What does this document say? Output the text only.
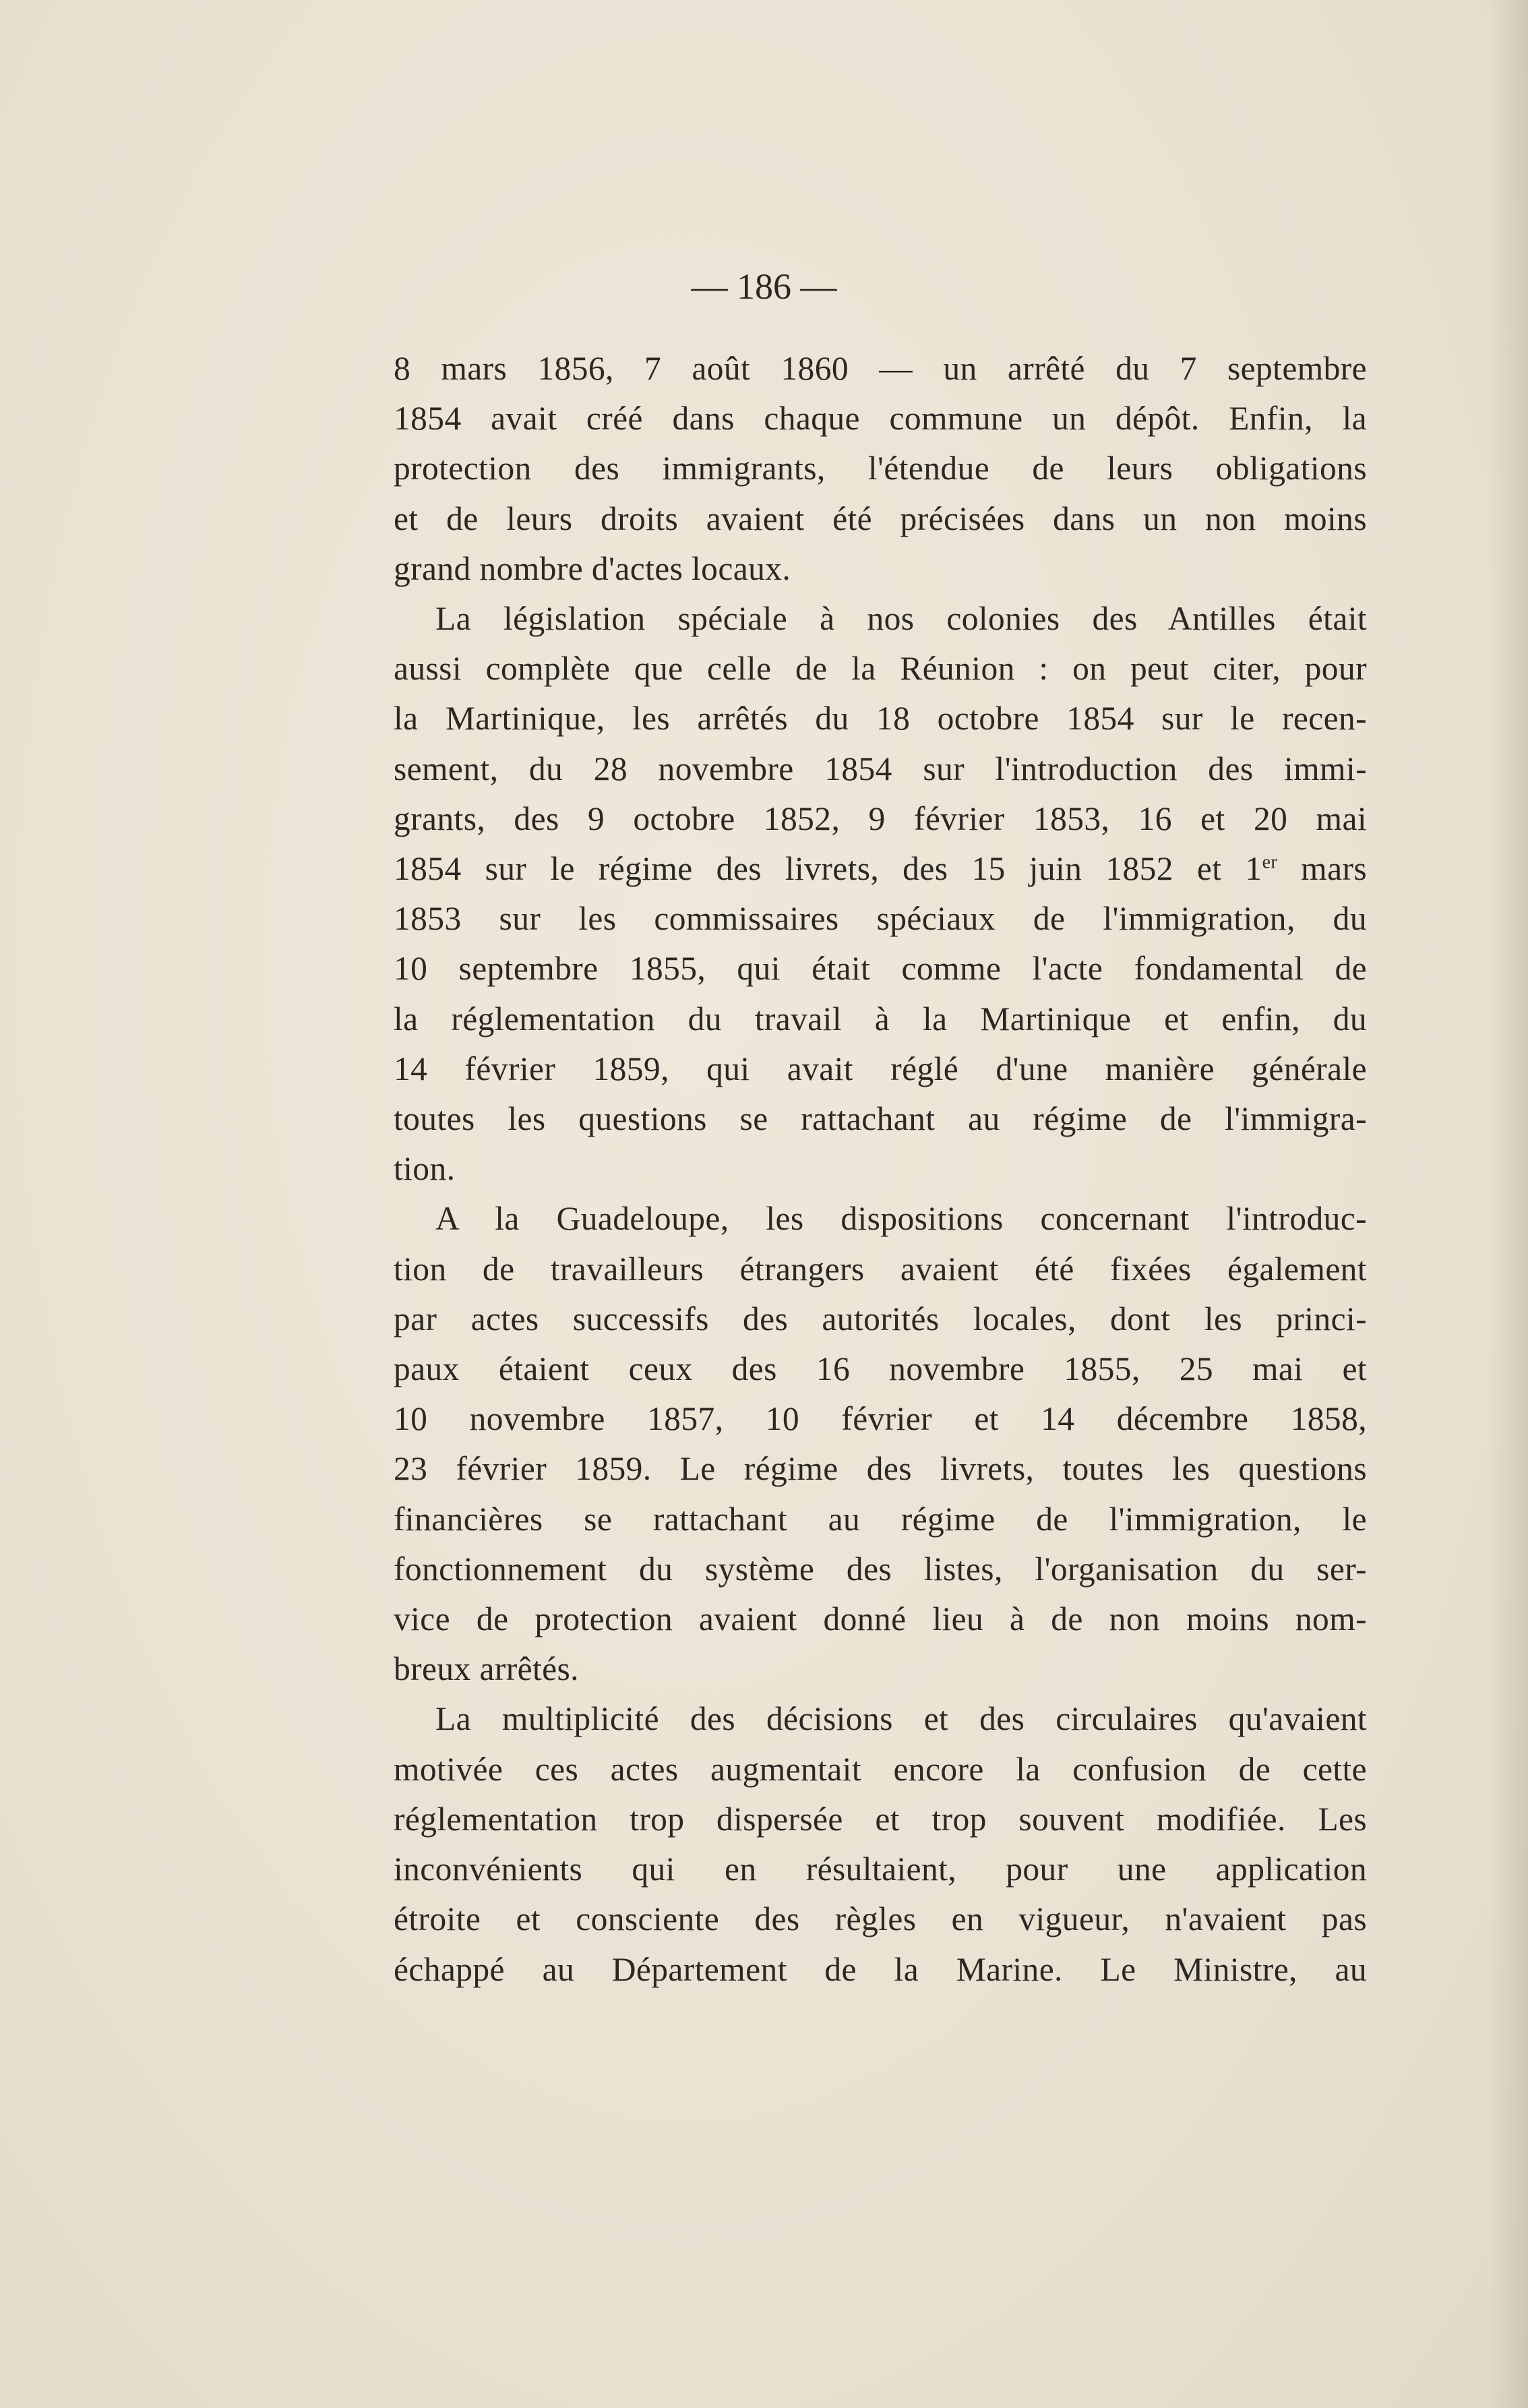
— 186 —
8 mars 1856, 7 août 1860 — un arrêté du 7 septembre
1854 avait créé dans chaque commune un dépôt. Enfin, la
protection des immigrants, l'étendue de leurs obligations
et de leurs droits avaient été précisées dans un non moins
grand nombre d'actes locaux.
La législation spéciale à nos colonies des Antilles était
aussi complète que celle de la Réunion : on peut citer, pour
la Martinique, les arrêtés du 18 octobre 1854 sur le recen-
sement, du 28 novembre 1854 sur l'introduction des immi-
grants, des 9 octobre 1852, 9 février 1853, 16 et 20 mai
1854 sur le régime des livrets, des 15 juin 1852 et 1er mars
1853 sur les commissaires spéciaux de l'immigration, du
10 septembre 1855, qui était comme l'acte fondamental de
la réglementation du travail à la Martinique et enfin, du
14 février 1859, qui avait réglé d'une manière générale
toutes les questions se rattachant au régime de l'immigra-
tion.
A la Guadeloupe, les dispositions concernant l'introduc-
tion de travailleurs étrangers avaient été fixées également
par actes successifs des autorités locales, dont les princi-
paux étaient ceux des 16 novembre 1855, 25 mai et
10 novembre 1857, 10 février et 14 décembre 1858,
23 février 1859. Le régime des livrets, toutes les questions
financières se rattachant au régime de l'immigration, le
fonctionnement du système des listes, l'organisation du ser-
vice de protection avaient donné lieu à de non moins nom-
breux arrêtés.
La multiplicité des décisions et des circulaires qu'avaient
motivée ces actes augmentait encore la confusion de cette
réglementation trop dispersée et trop souvent modifiée. Les
inconvénients qui en résultaient, pour une application
étroite et consciente des règles en vigueur, n'avaient pas
échappé au Département de la Marine. Le Ministre, au
